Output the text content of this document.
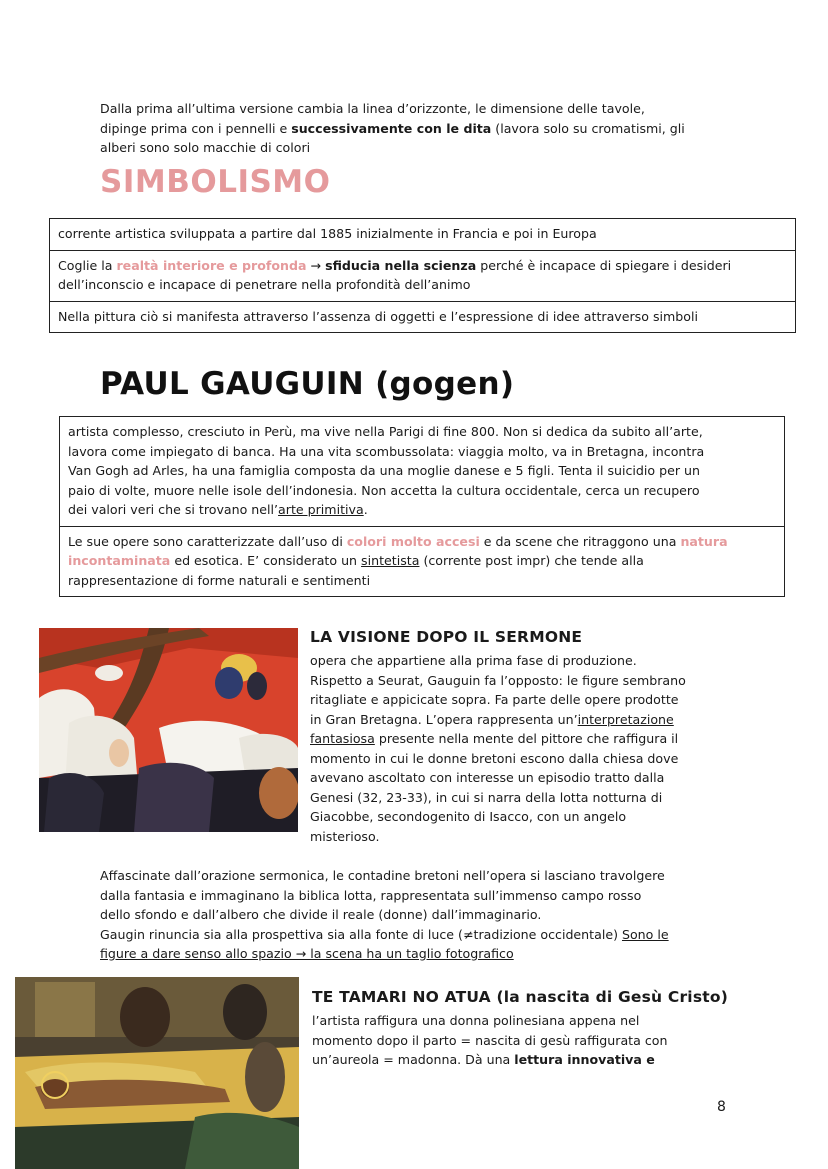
Dalla prima all’ultima versione cambia la linea d’orizzonte, le dimensione delle tavole,
dipinge prima con i pennelli e successivamente con le dita (lavora solo su cromatismi, gli
alberi sono solo macchie di colori
SIMBOLISMO
corrente artistica sviluppata a partire dal 1885 inizialmente in Francia e poi in Europa
Coglie la realtà interiore e profonda → sfiducia nella scienza perché è incapace di spiegare i desideri
dell’inconscio e incapace di penetrare nella profondità dell’animo
Nella pittura ciò si manifesta attraverso l’assenza di oggetti e l’espressione di idee attraverso simboli
PAUL GAUGUIN (gogen)
artista complesso, cresciuto in Perù, ma vive nella Parigi di fine 800. Non si dedica da subito all’arte,
lavora come impiegato di banca. Ha una vita scombussolata: viaggia molto, va in Bretagna, incontra
Van Gogh ad Arles, ha una famiglia composta da una moglie danese e 5 figli. Tenta il suicidio per un
paio di volte, muore nelle isole dell’indonesia. Non accetta la cultura occidentale, cerca un recupero
dei valori veri che si trovano nell’arte primitiva.
Le sue opere sono caratterizzate dall’uso di colori molto accesi e da scene che ritraggono una natura
incontaminata ed esotica. E’ considerato un sintetista (corrente post impr) che tende alla
rappresentazione di forme naturali e sentimenti
LA VISIONE DOPO IL SERMONE
opera che appartiene alla prima fase di produzione.
Rispetto a Seurat, Gauguin fa l’opposto: le figure sembrano
ritagliate e appicicate sopra. Fa parte delle opere prodotte
in Gran Bretagna. L’opera rappresenta un’interpretazione
fantasiosa presente nella mente del pittore che raffigura il
momento in cui le donne bretoni escono dalla chiesa dove
avevano ascoltato con interesse un episodio tratto dalla
Genesi (32, 23-33), in cui si narra della lotta notturna di
Giacobbe, secondogenito di Isacco, con un angelo
misterioso.
Affascinate dall’orazione sermonica, le contadine bretoni nell’opera si lasciano travolgere
dalla fantasia e immaginano la biblica lotta, rappresentata sull’immenso campo rosso
dello sfondo e dall’albero che divide il reale (donne) dall’immaginario.
Gaugin rinuncia sia alla prospettiva sia alla fonte di luce (≠tradizione occidentale) Sono le
figure a dare senso allo spazio → la scena ha un taglio fotografico
TE TAMARI NO ATUA (la nascita di Gesù Cristo)
l’artista raffigura una donna polinesiana appena nel
momento dopo il parto = nascita di gesù raffigurata con
un’aureola = madonna. Dà una lettura innovativa e
8
